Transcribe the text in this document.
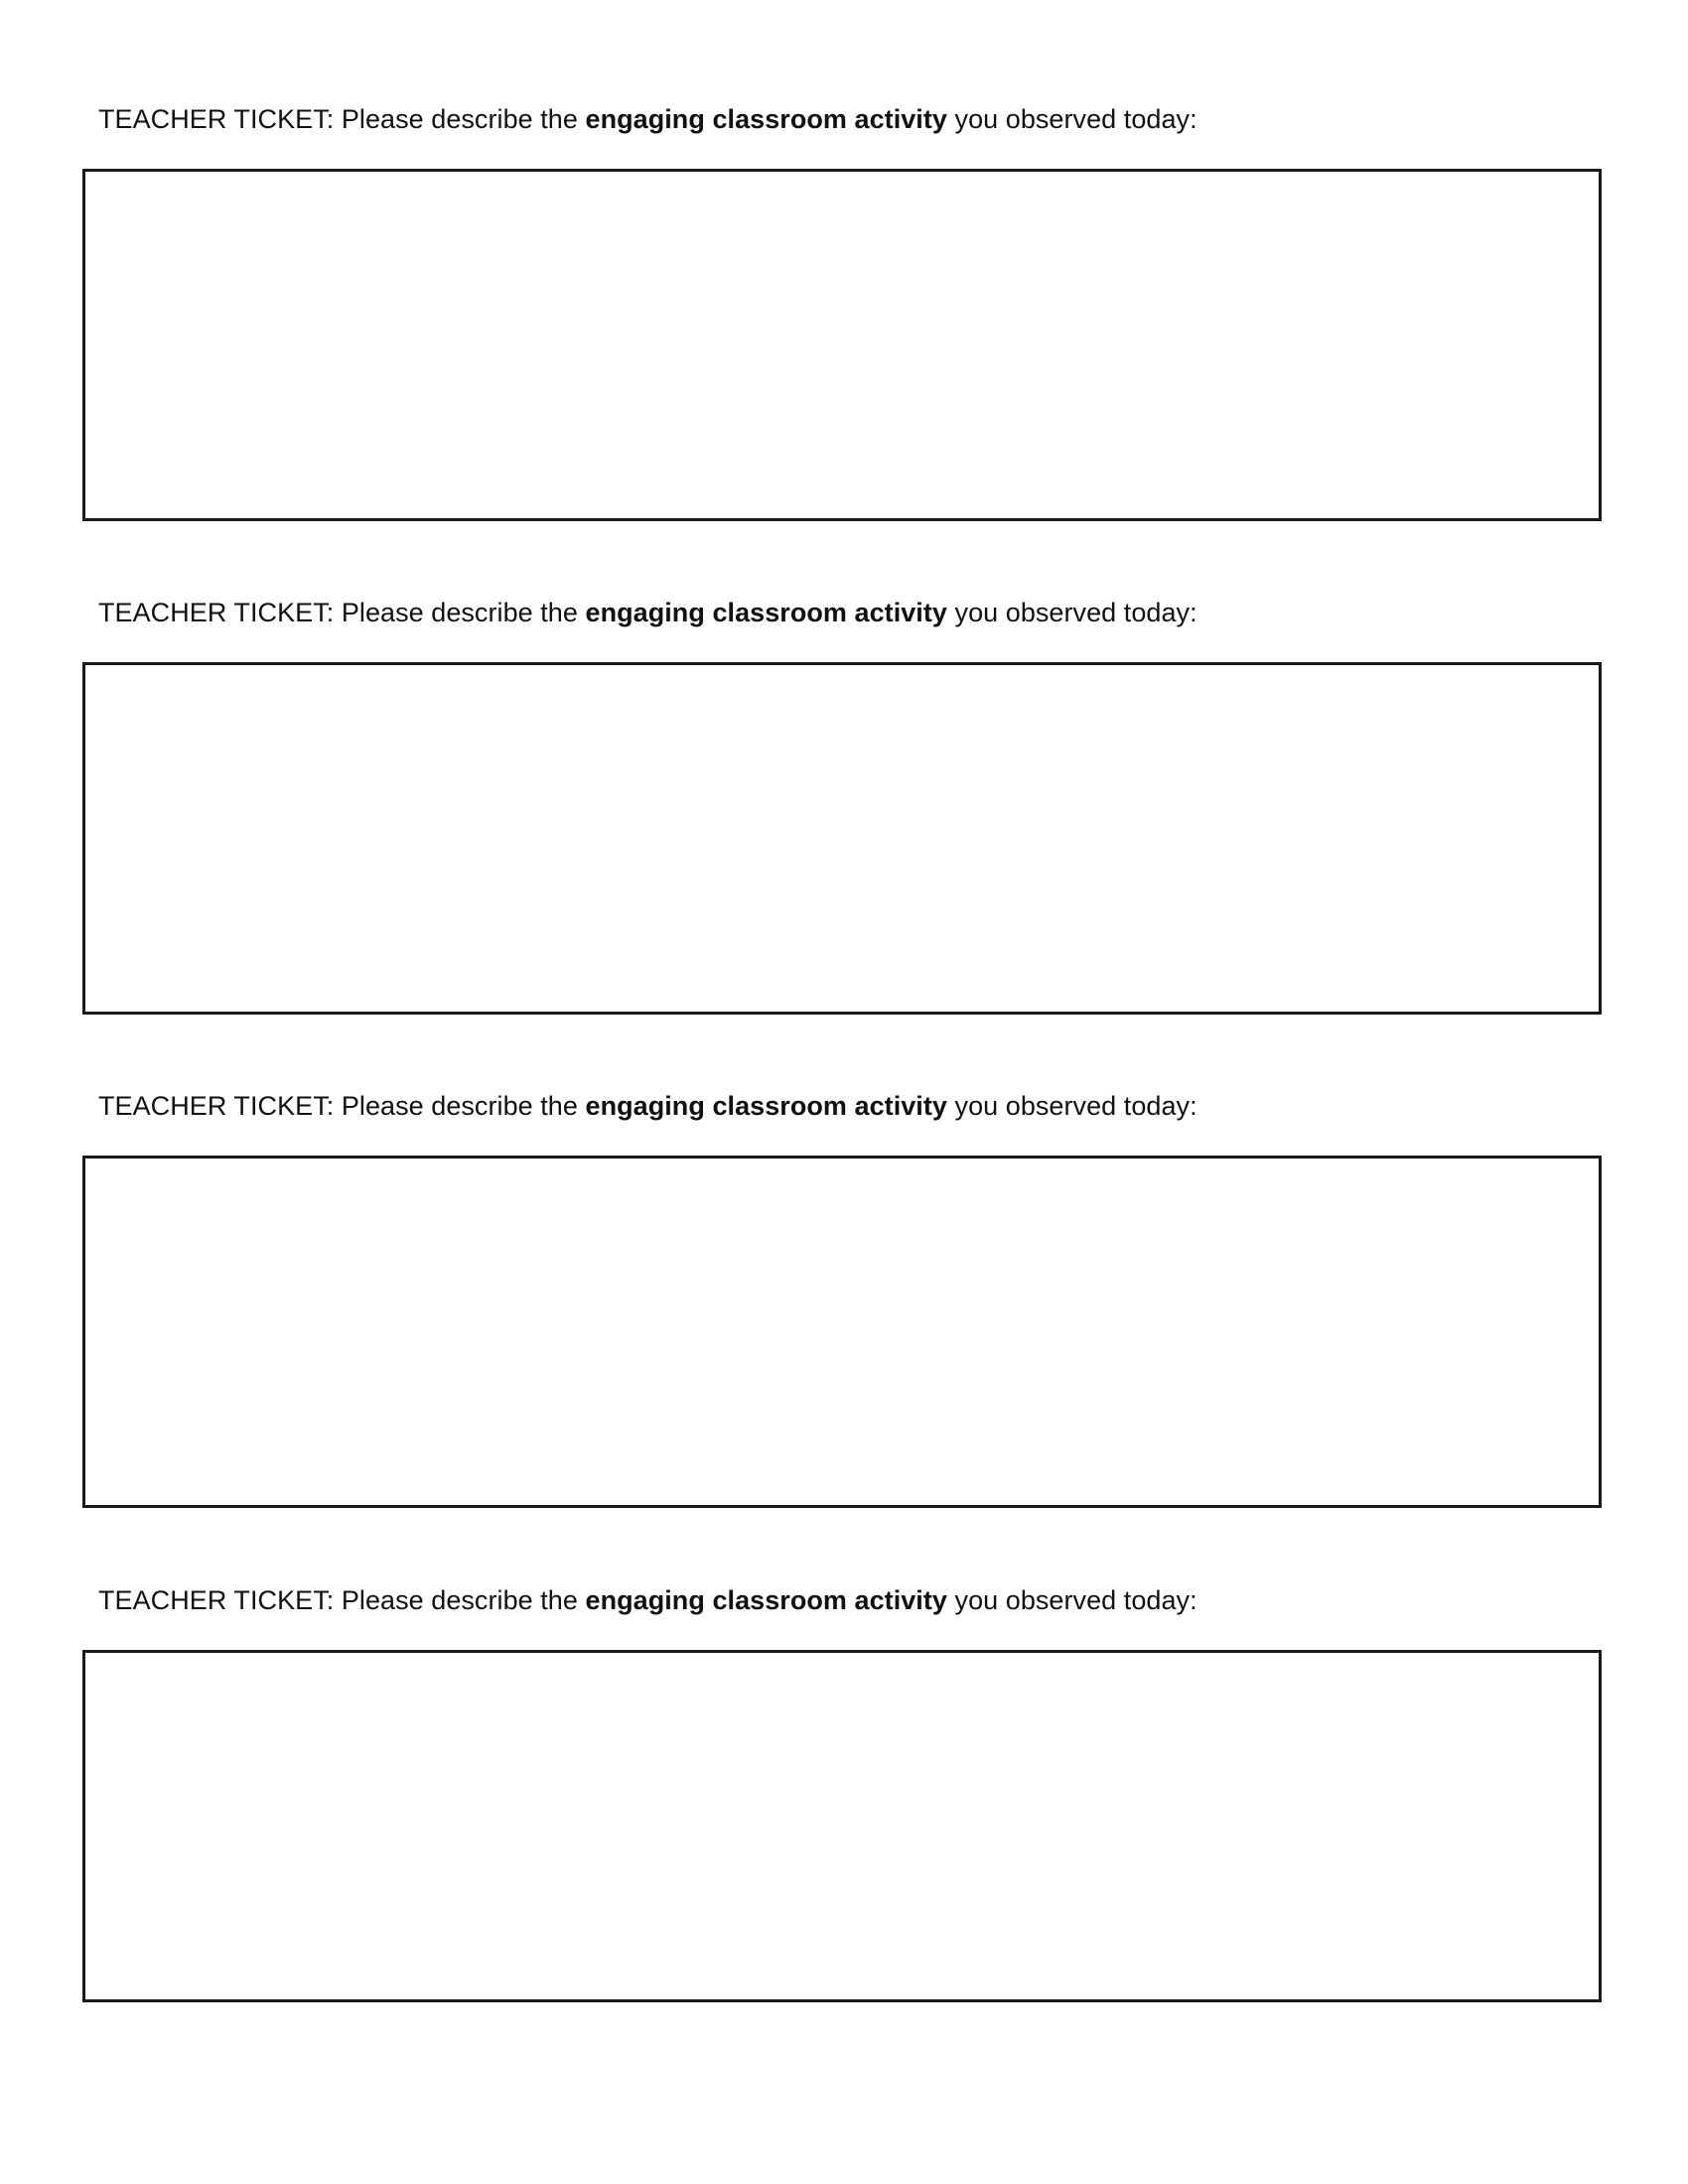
TEACHER TICKET: Please describe the engaging classroom activity you observed today:
TEACHER TICKET: Please describe the engaging classroom activity you observed today:
TEACHER TICKET: Please describe the engaging classroom activity you observed today:
TEACHER TICKET: Please describe the engaging classroom activity you observed today:
